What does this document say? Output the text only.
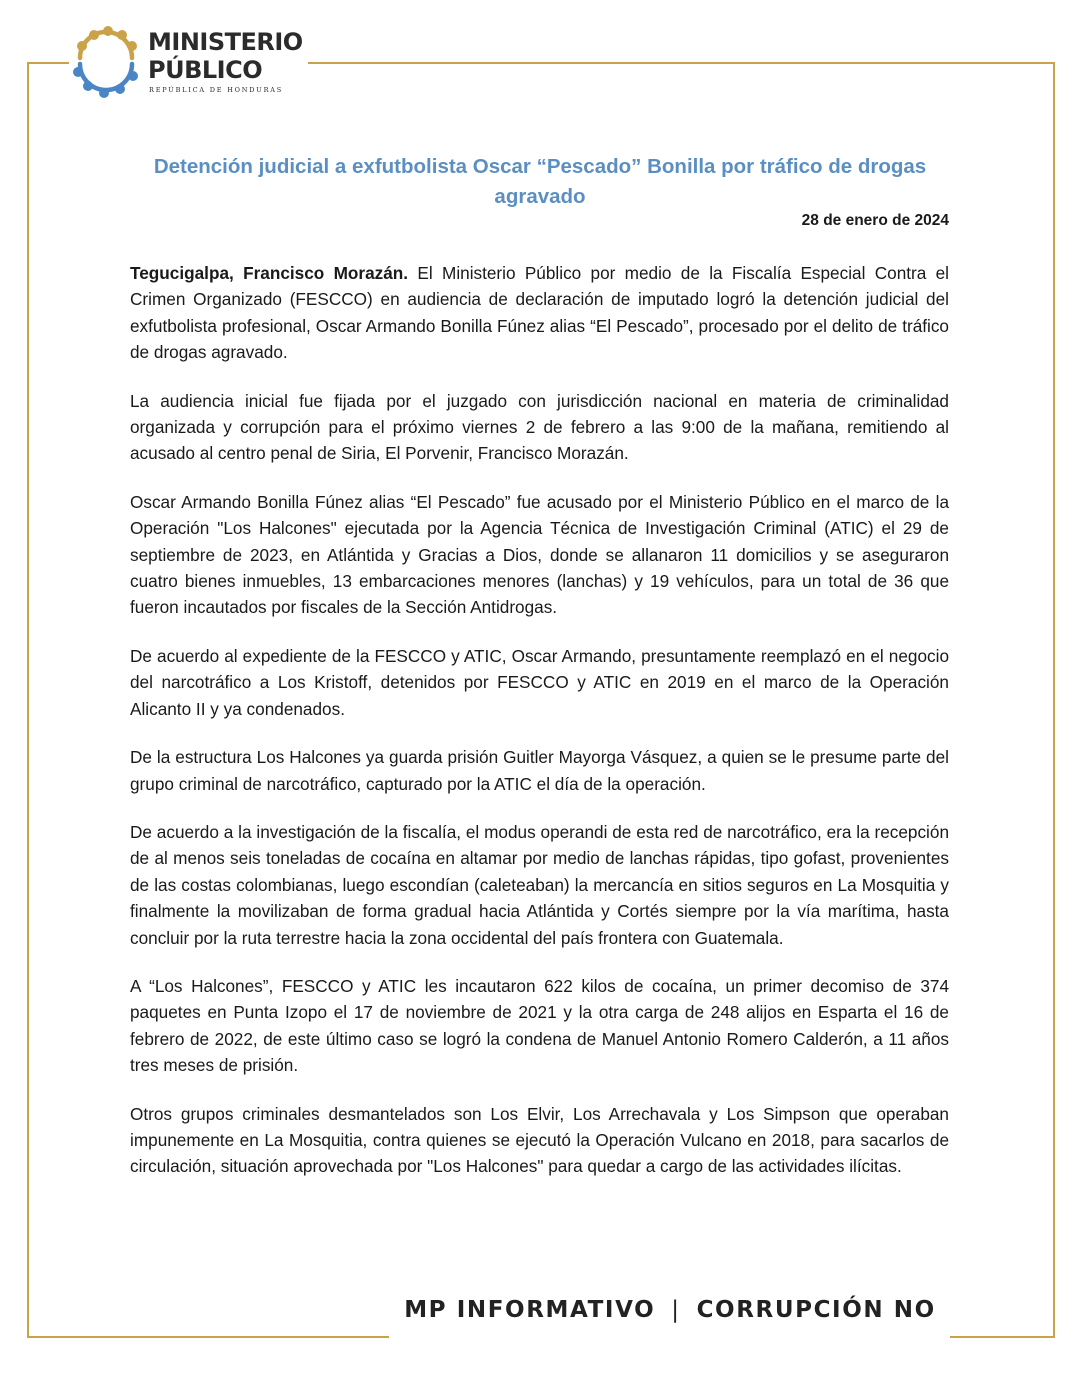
MINISTERIO
PÚBLICO
REPÚBLICA DE HONDURAS
Detención judicial a exfutbolista Oscar “Pescado” Bonilla por tráfico de drogas agravado
28 de enero de 2024

Tegucigalpa, Francisco Morazán. El Ministerio Público por medio de la Fiscalía Especial Contra el Crimen Organizado (FESCCO) en audiencia de declaración de imputado logró la detención judicial del exfutbolista profesional, Oscar Armando Bonilla Fúnez alias “El Pescado”, procesado por el delito de tráfico de drogas agravado.

La audiencia inicial fue fijada por el juzgado con jurisdicción nacional en materia de criminalidad organizada y corrupción para el próximo viernes 2 de febrero a las 9:00 de la mañana, remitiendo al acusado al centro penal de Siria, El Porvenir, Francisco Morazán.

Oscar Armando Bonilla Fúnez alias “El Pescado” fue acusado por el Ministerio Público en el marco de la Operación "Los Halcones" ejecutada por la Agencia Técnica de Investigación Criminal (ATIC) el 29 de septiembre de 2023, en Atlántida y Gracias a Dios, donde se allanaron 11 domicilios y se aseguraron cuatro bienes inmuebles, 13 embarcaciones menores (lanchas) y 19 vehículos, para un total de 36 que fueron incautados por fiscales de la Sección Antidrogas.

De acuerdo al expediente de la FESCCO y ATIC, Oscar Armando, presuntamente reemplazó en el negocio del narcotráfico a Los Kristoff, detenidos por FESCCO y ATIC en 2019 en el marco de la Operación Alicanto II y ya condenados.

De la estructura Los Halcones ya guarda prisión Guitler Mayorga Vásquez, a quien se le presume parte del grupo criminal de narcotráfico, capturado por la ATIC el día de la operación.

De acuerdo a la investigación de la fiscalía, el modus operandi de esta red de narcotráfico, era la recepción de al menos seis toneladas de cocaína en altamar por medio de lanchas rápidas, tipo gofast, provenientes de las costas colombianas, luego escondían (caleteaban) la mercancía en sitios seguros en La Mosquitia y finalmente la movilizaban de forma gradual hacia Atlántida y Cortés siempre por la vía marítima, hasta concluir por la ruta terrestre hacia la zona occidental del país frontera con Guatemala.

A “Los Halcones”, FESCCO y ATIC les incautaron 622 kilos de cocaína, un primer decomiso de 374 paquetes en Punta Izopo el 17 de noviembre de 2021 y la otra carga de 248 alijos en Esparta el 16 de febrero de 2022, de este último caso se logró la condena de Manuel Antonio Romero Calderón, a 11 años tres meses de prisión.

Otros grupos criminales desmantelados son Los Elvir, Los Arrechavala y Los Simpson que operaban impunemente en La Mosquitia, contra quienes se ejecutó la Operación Vulcano en 2018, para sacarlos de circulación, situación aprovechada por "Los Halcones" para quedar a cargo de las actividades ilícitas.

MP INFORMATIVO | CORRUPCIÓN NO
